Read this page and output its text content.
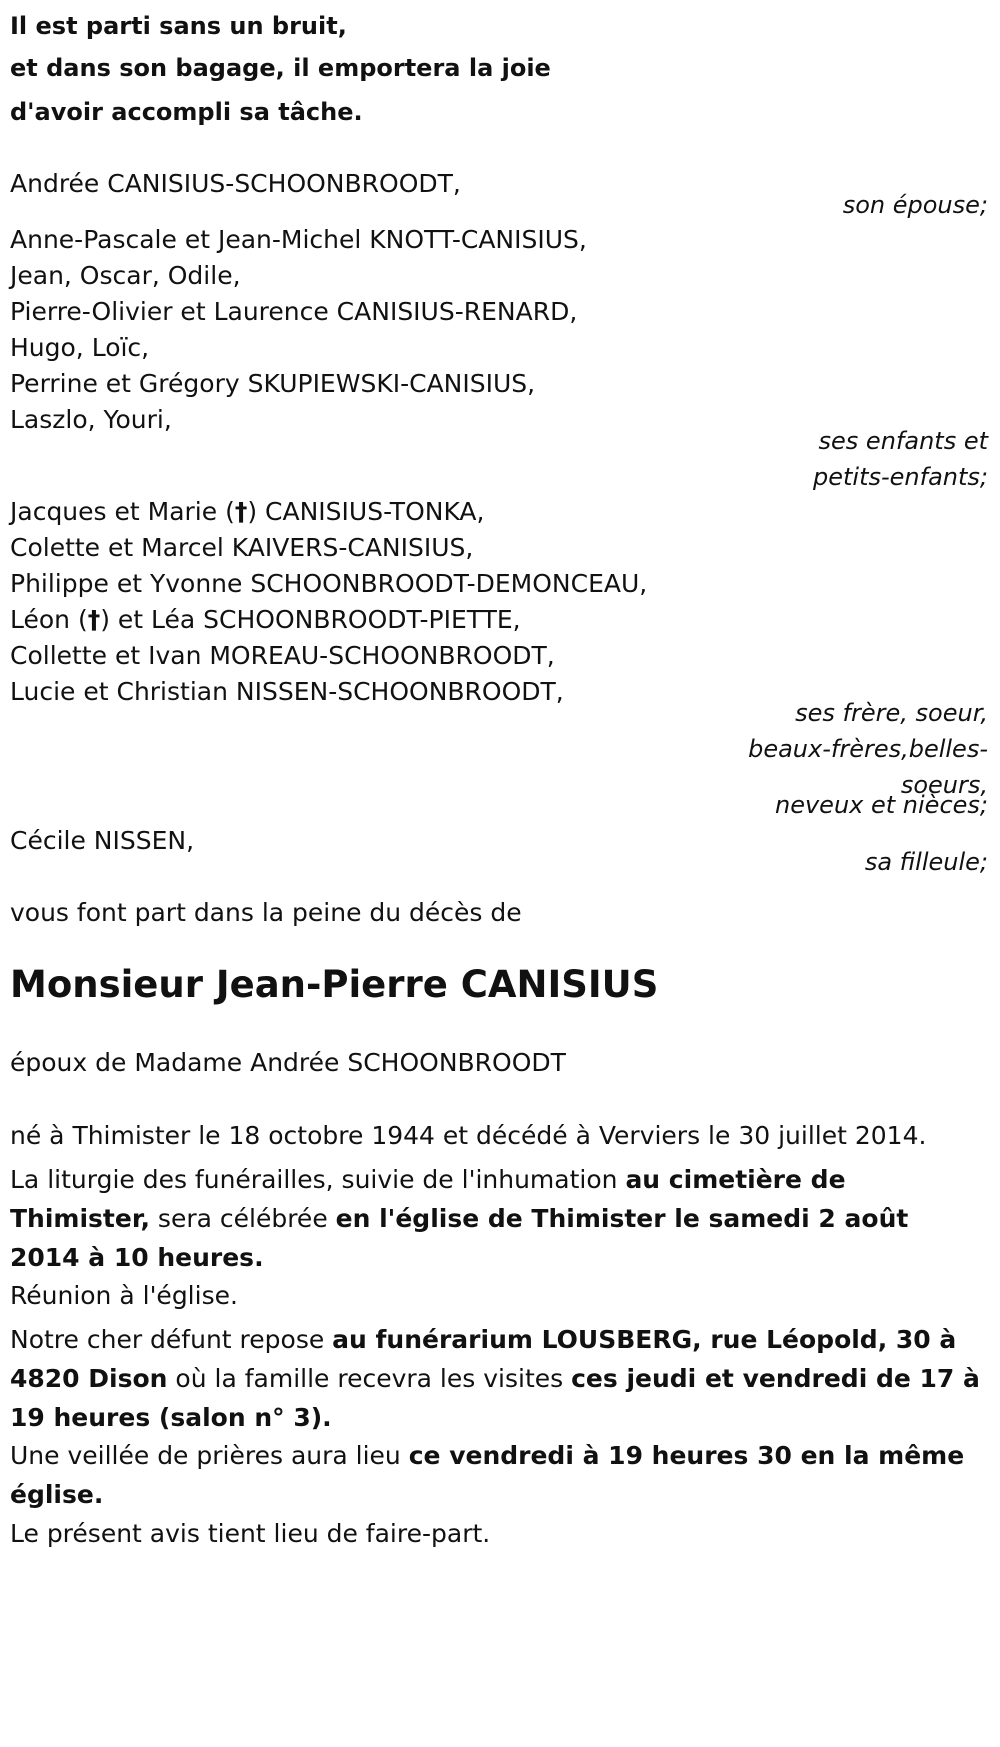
Il est parti sans un bruit,
et dans son bagage, il emportera la joie
d'avoir accompli sa tâche.
Andrée CANISIUS-SCHOONBROODT,
son épouse;
Anne-Pascale et Jean-Michel KNOTT-CANISIUS,
Jean, Oscar, Odile,
Pierre-Olivier et Laurence CANISIUS-RENARD,
Hugo, Loïc,
Perrine et Grégory SKUPIEWSKI-CANISIUS,
Laszlo, Youri,
ses enfants et
petits-enfants;
Jacques et Marie (†) CANISIUS-TONKA,
Colette et Marcel KAIVERS-CANISIUS,
Philippe et Yvonne SCHOONBROODT-DEMONCEAU,
Léon (†) et Léa SCHOONBROODT-PIETTE,
Collette et Ivan MOREAU-SCHOONBROODT,
Lucie et Christian NISSEN-SCHOONBROODT,
ses frère, soeur,
beaux-frères,belles-
soeurs,
neveux et nièces;
Cécile NISSEN,
sa filleule;
vous font part dans la peine du décès de
Monsieur Jean-Pierre CANISIUS
époux de Madame Andrée SCHOONBROODT
né à Thimister le 18 octobre 1944 et décédé à Verviers le 30 juillet 2014.
La liturgie des funérailles, suivie de l'inhumation au cimetière de Thimister, sera célébrée en l'église de Thimister le samedi 2 août 2014 à 10 heures.
Réunion à l'église.
Notre cher défunt repose au funérarium LOUSBERG, rue Léopold, 30 à 4820 Dison où la famille recevra les visites ces jeudi et vendredi de 17 à 19 heures (salon n° 3).
Une veillée de prières aura lieu ce vendredi à 19 heures 30 en la même église.
Le présent avis tient lieu de faire-part.
